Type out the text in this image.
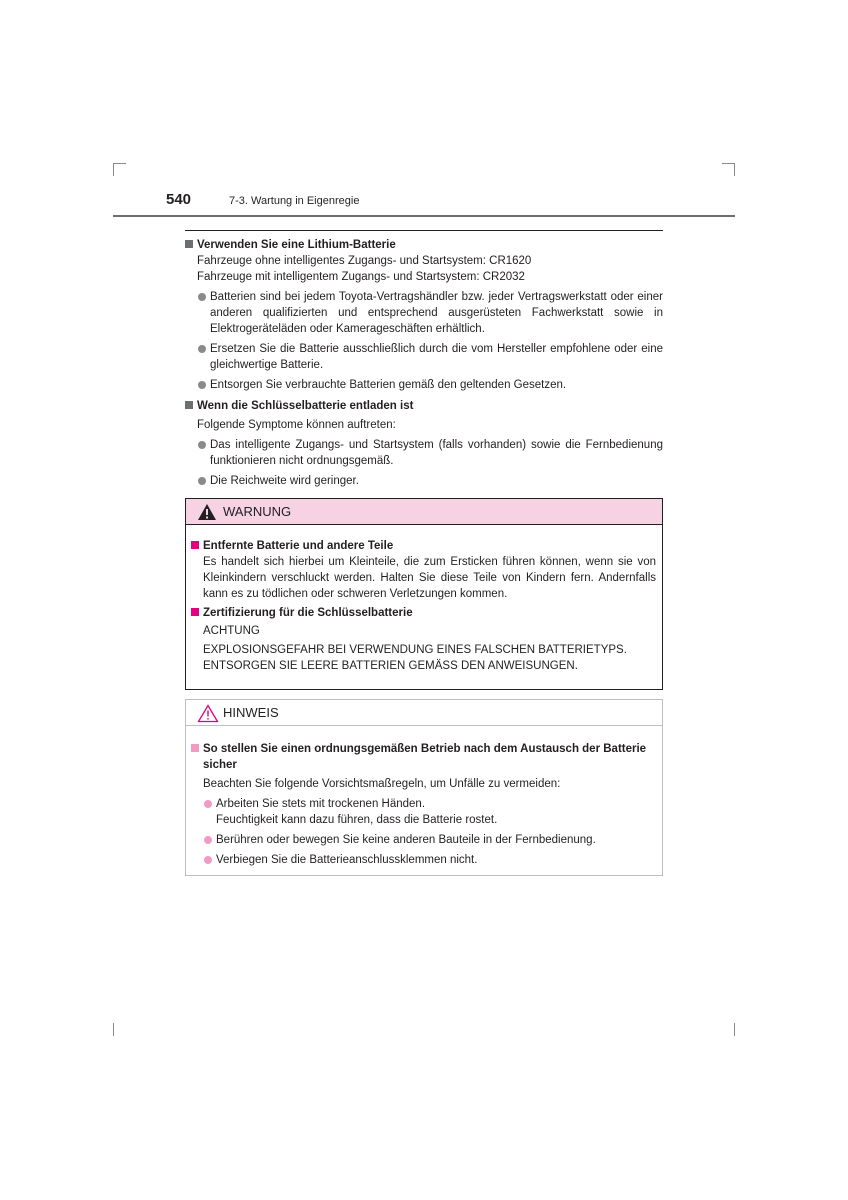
540	7-3. Wartung in Eigenregie
Verwenden Sie eine Lithium-Batterie
Fahrzeuge ohne intelligentes Zugangs- und Startsystem: CR1620
Fahrzeuge mit intelligentem Zugangs- und Startsystem: CR2032
Batterien sind bei jedem Toyota-Vertragshändler bzw. jeder Vertragswerkstatt oder einer anderen qualifizierten und entsprechend ausgerüsteten Fachwerkstatt sowie in Elektrogeräteläden oder Kamerageschäften erhältlich.
Ersetzen Sie die Batterie ausschließlich durch die vom Hersteller empfohlene oder eine gleichwertige Batterie.
Entsorgen Sie verbrauchte Batterien gemäß den geltenden Gesetzen.
Wenn die Schlüsselbatterie entladen ist
Folgende Symptome können auftreten:
Das intelligente Zugangs- und Startsystem (falls vorhanden) sowie die Fernbedienung funktionieren nicht ordnungsgemäß.
Die Reichweite wird geringer.
WARNUNG
Entfernte Batterie und andere Teile
Es handelt sich hierbei um Kleinteile, die zum Ersticken führen können, wenn sie von Kleinkindern verschluckt werden. Halten Sie diese Teile von Kindern fern. Andernfalls kann es zu tödlichen oder schweren Verletzungen kommen.
Zertifizierung für die Schlüsselbatterie
ACHTUNG
EXPLOSIONSGEFAHR BEI VERWENDUNG EINES FALSCHEN BATTERIETYPS. ENTSORGEN SIE LEERE BATTERIEN GEMÄSS DEN ANWEISUNGEN.
HINWEIS
So stellen Sie einen ordnungsgemäßen Betrieb nach dem Austausch der Batterie sicher
Beachten Sie folgende Vorsichtsmaßregeln, um Unfälle zu vermeiden:
Arbeiten Sie stets mit trockenen Händen.
Feuchtigkeit kann dazu führen, dass die Batterie rostet.
Berühren oder bewegen Sie keine anderen Bauteile in der Fernbedienung.
Verbiegen Sie die Batterieanschlussklemmen nicht.
